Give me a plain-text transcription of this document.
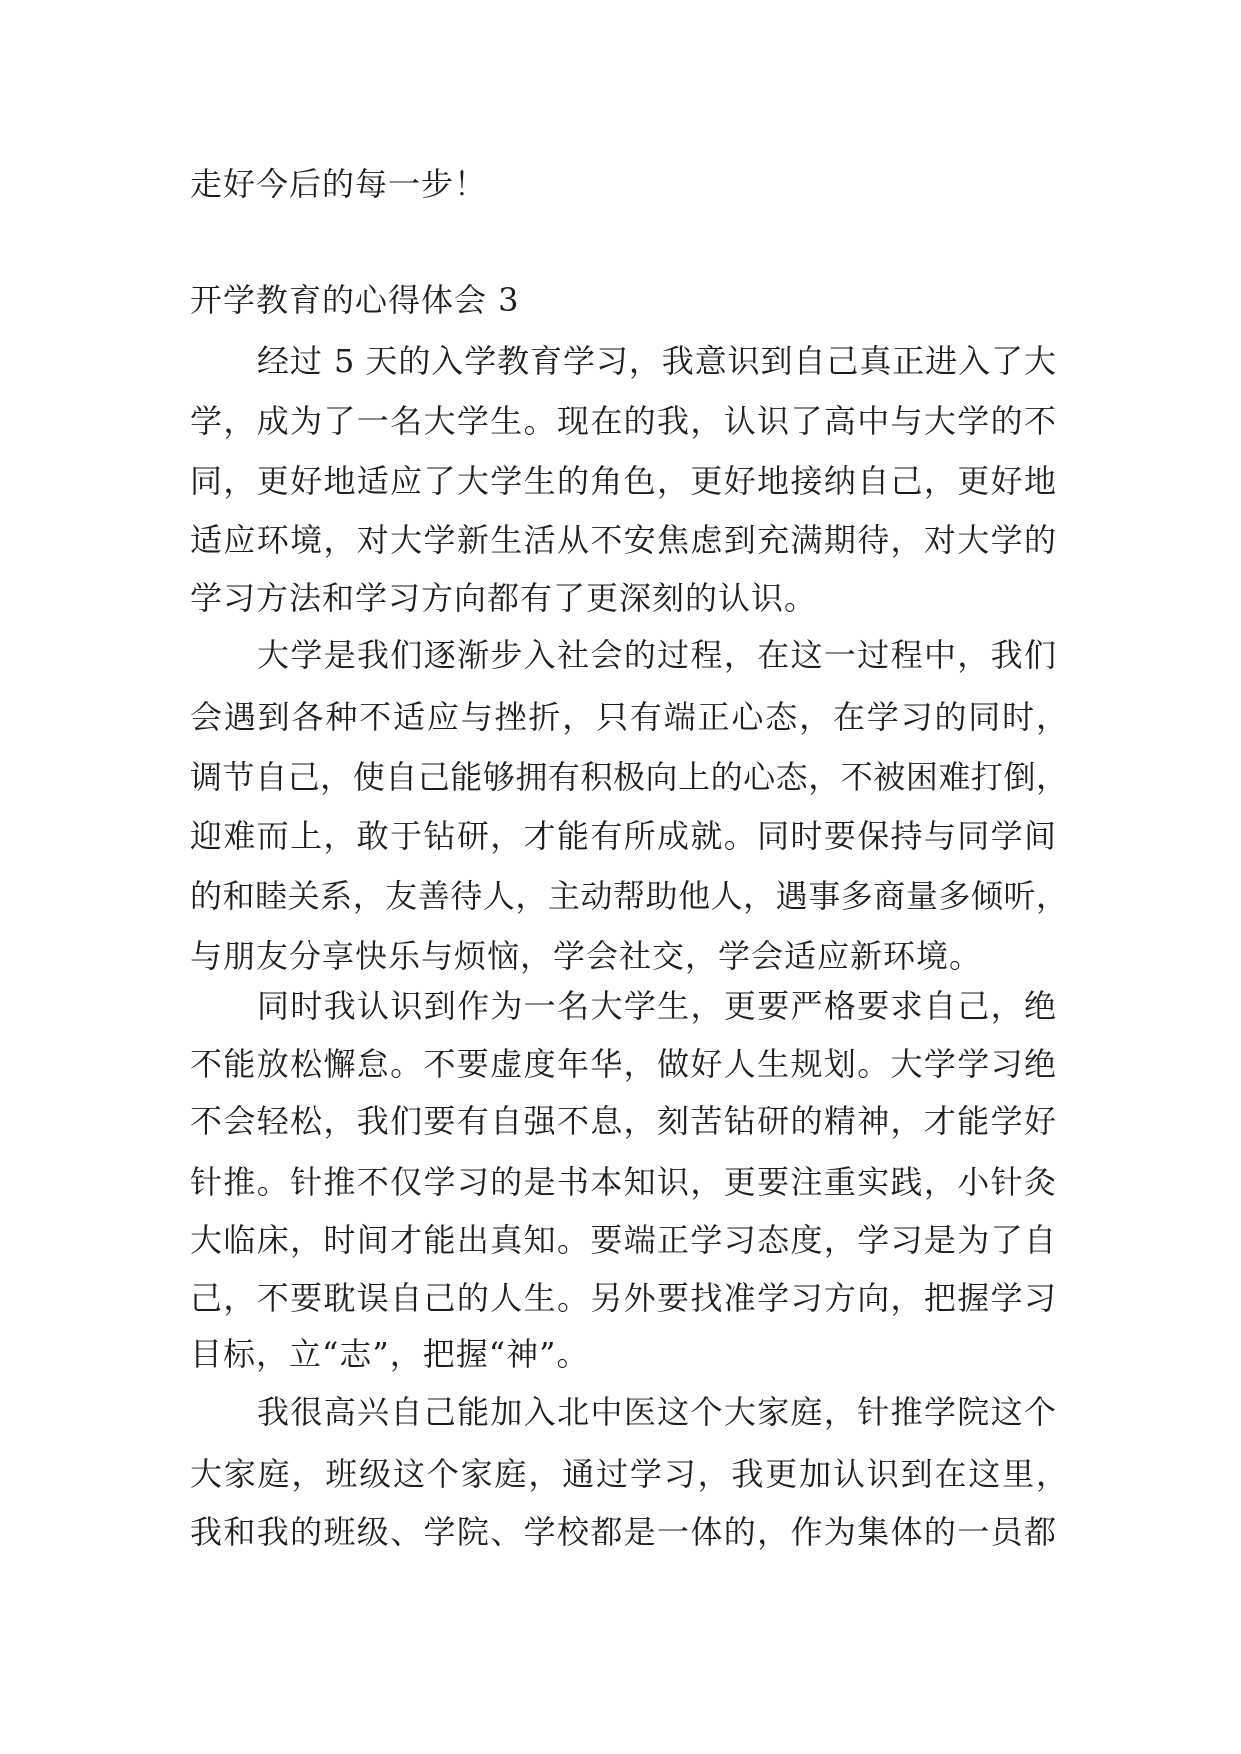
走好今后的每一步！
开学教育的心得体会 3
经过 5 天的入学教育学习，我意识到自己真正进入了大
学，成为了一名大学生。现在的我，认识了高中与大学的不
同，更好地适应了大学生的角色，更好地接纳自己，更好地
适应环境，对大学新生活从不安焦虑到充满期待，对大学的
学习方法和学习方向都有了更深刻的认识。
大学是我们逐渐步入社会的过程，在这一过程中，我们
会遇到各种不适应与挫折，只有端正心态，在学习的同时，
调节自己，使自己能够拥有积极向上的心态，不被困难打倒，
迎难而上，敢于钻研，才能有所成就。同时要保持与同学间
的和睦关系，友善待人，主动帮助他人，遇事多商量多倾听，
与朋友分享快乐与烦恼，学会社交，学会适应新环境。
同时我认识到作为一名大学生，更要严格要求自己，绝
不能放松懈怠。不要虚度年华，做好人生规划。大学学习绝
不会轻松，我们要有自强不息，刻苦钻研的精神，才能学好
针推。针推不仅学习的是书本知识，更要注重实践，小针灸
大临床，时间才能出真知。要端正学习态度，学习是为了自
己，不要耽误自己的人生。另外要找准学习方向，把握学习
目标，立“志”，把握“神”。
我很高兴自己能加入北中医这个大家庭，针推学院这个
大家庭，班级这个家庭，通过学习，我更加认识到在这里，
我和我的班级、学院、学校都是一体的，作为集体的一员都
